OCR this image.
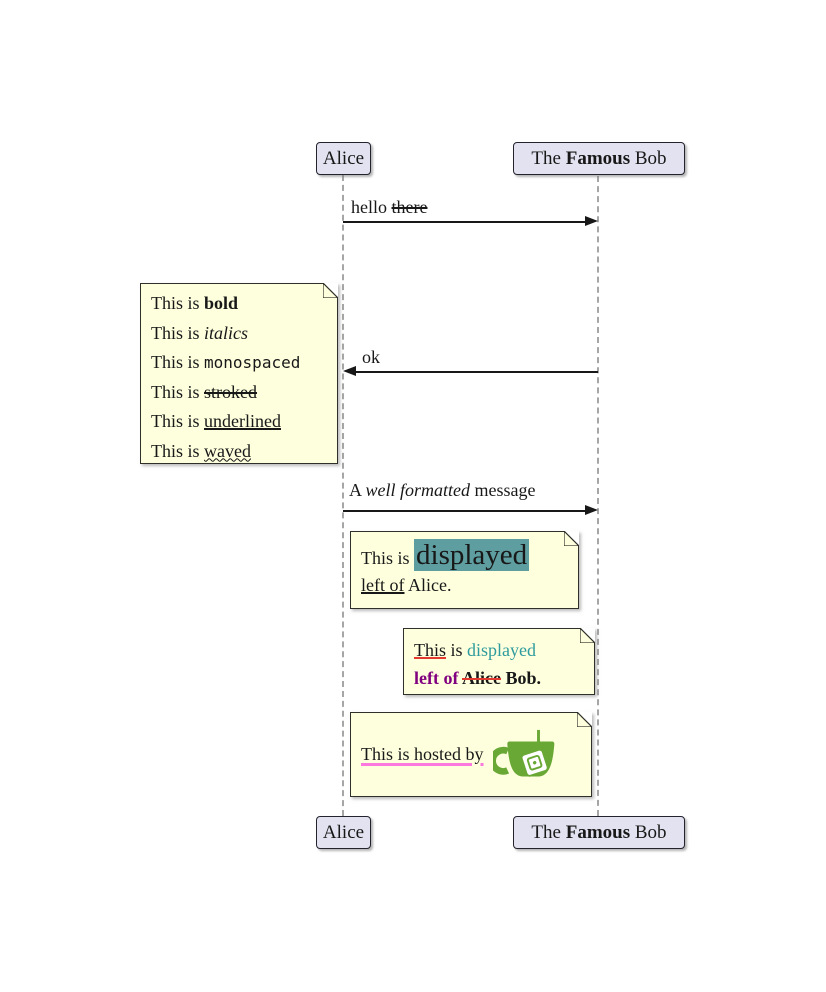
Alice	The Famous Bob
Alice	The Famous Bob
hello there
ok
A well formatted message
This is bold
This is italics
This is monospaced
This is stroked
This is underlined
This is waved
This is displayed
left of Alice.
This is displayed
left of Alice Bob.
This is hosted by
